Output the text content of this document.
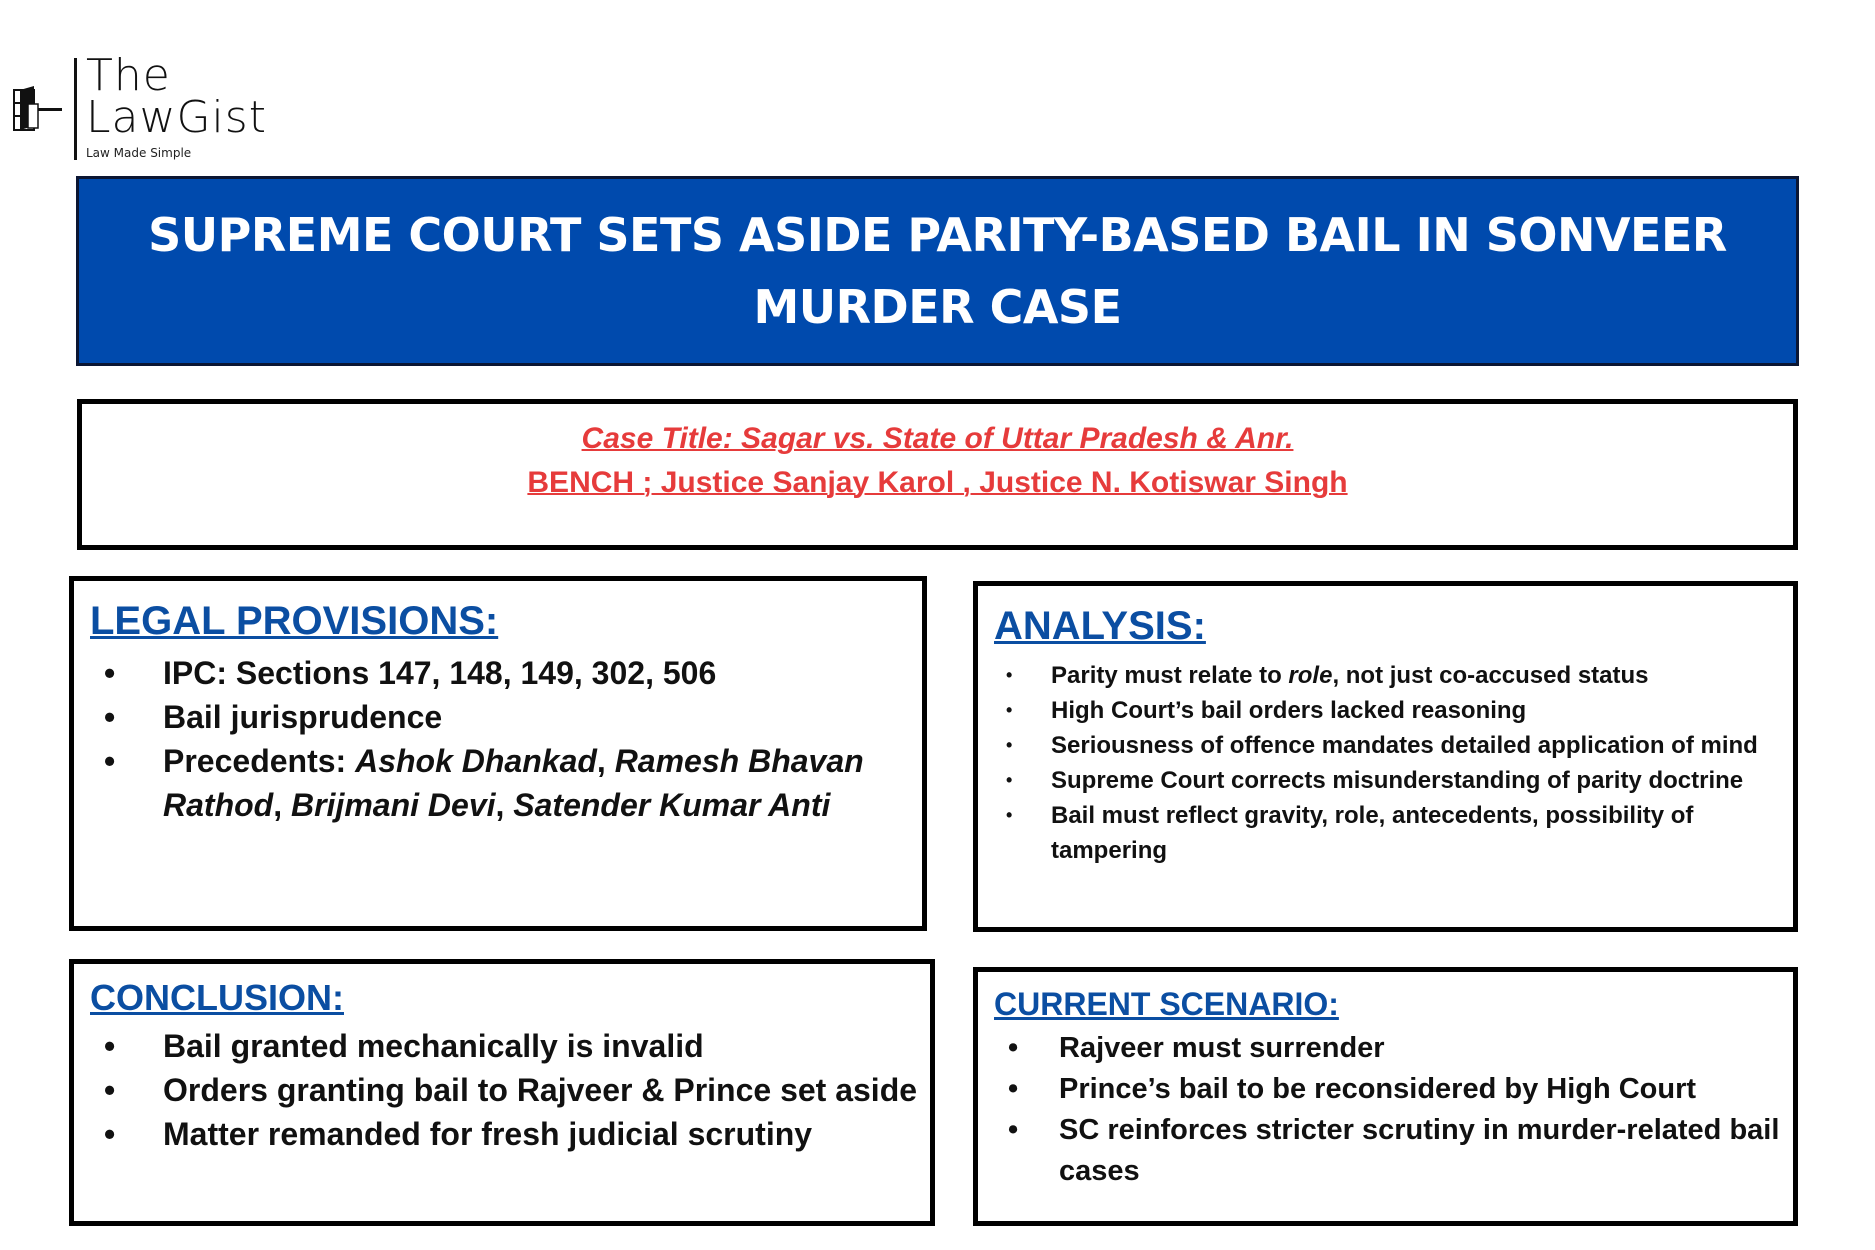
The
LawGist
Law Made Simple
SUPREME COURT SETS ASIDE PARITY-BASED BAIL IN SONVEER MURDER CASE
Case Title: Sagar vs. State of Uttar Pradesh & Anr.
BENCH ; Justice Sanjay Karol , Justice N. Kotiswar Singh
LEGAL PROVISIONS:
• IPC: Sections 147, 148, 149, 302, 506
• Bail jurisprudence
• Precedents: Ashok Dhankad, Ramesh Bhavan Rathod, Brijmani Devi, Satender Kumar Anti
ANALYSIS:
• Parity must relate to role, not just co-accused status
• High Court’s bail orders lacked reasoning
• Seriousness of offence mandates detailed application of mind
• Supreme Court corrects misunderstanding of parity doctrine
• Bail must reflect gravity, role, antecedents, possibility of tampering
CONCLUSION:
• Bail granted mechanically is invalid
• Orders granting bail to Rajveer & Prince set aside
• Matter remanded for fresh judicial scrutiny
CURRENT SCENARIO:
• Rajveer must surrender
• Prince’s bail to be reconsidered by High Court
• SC reinforces stricter scrutiny in murder-related bail cases
